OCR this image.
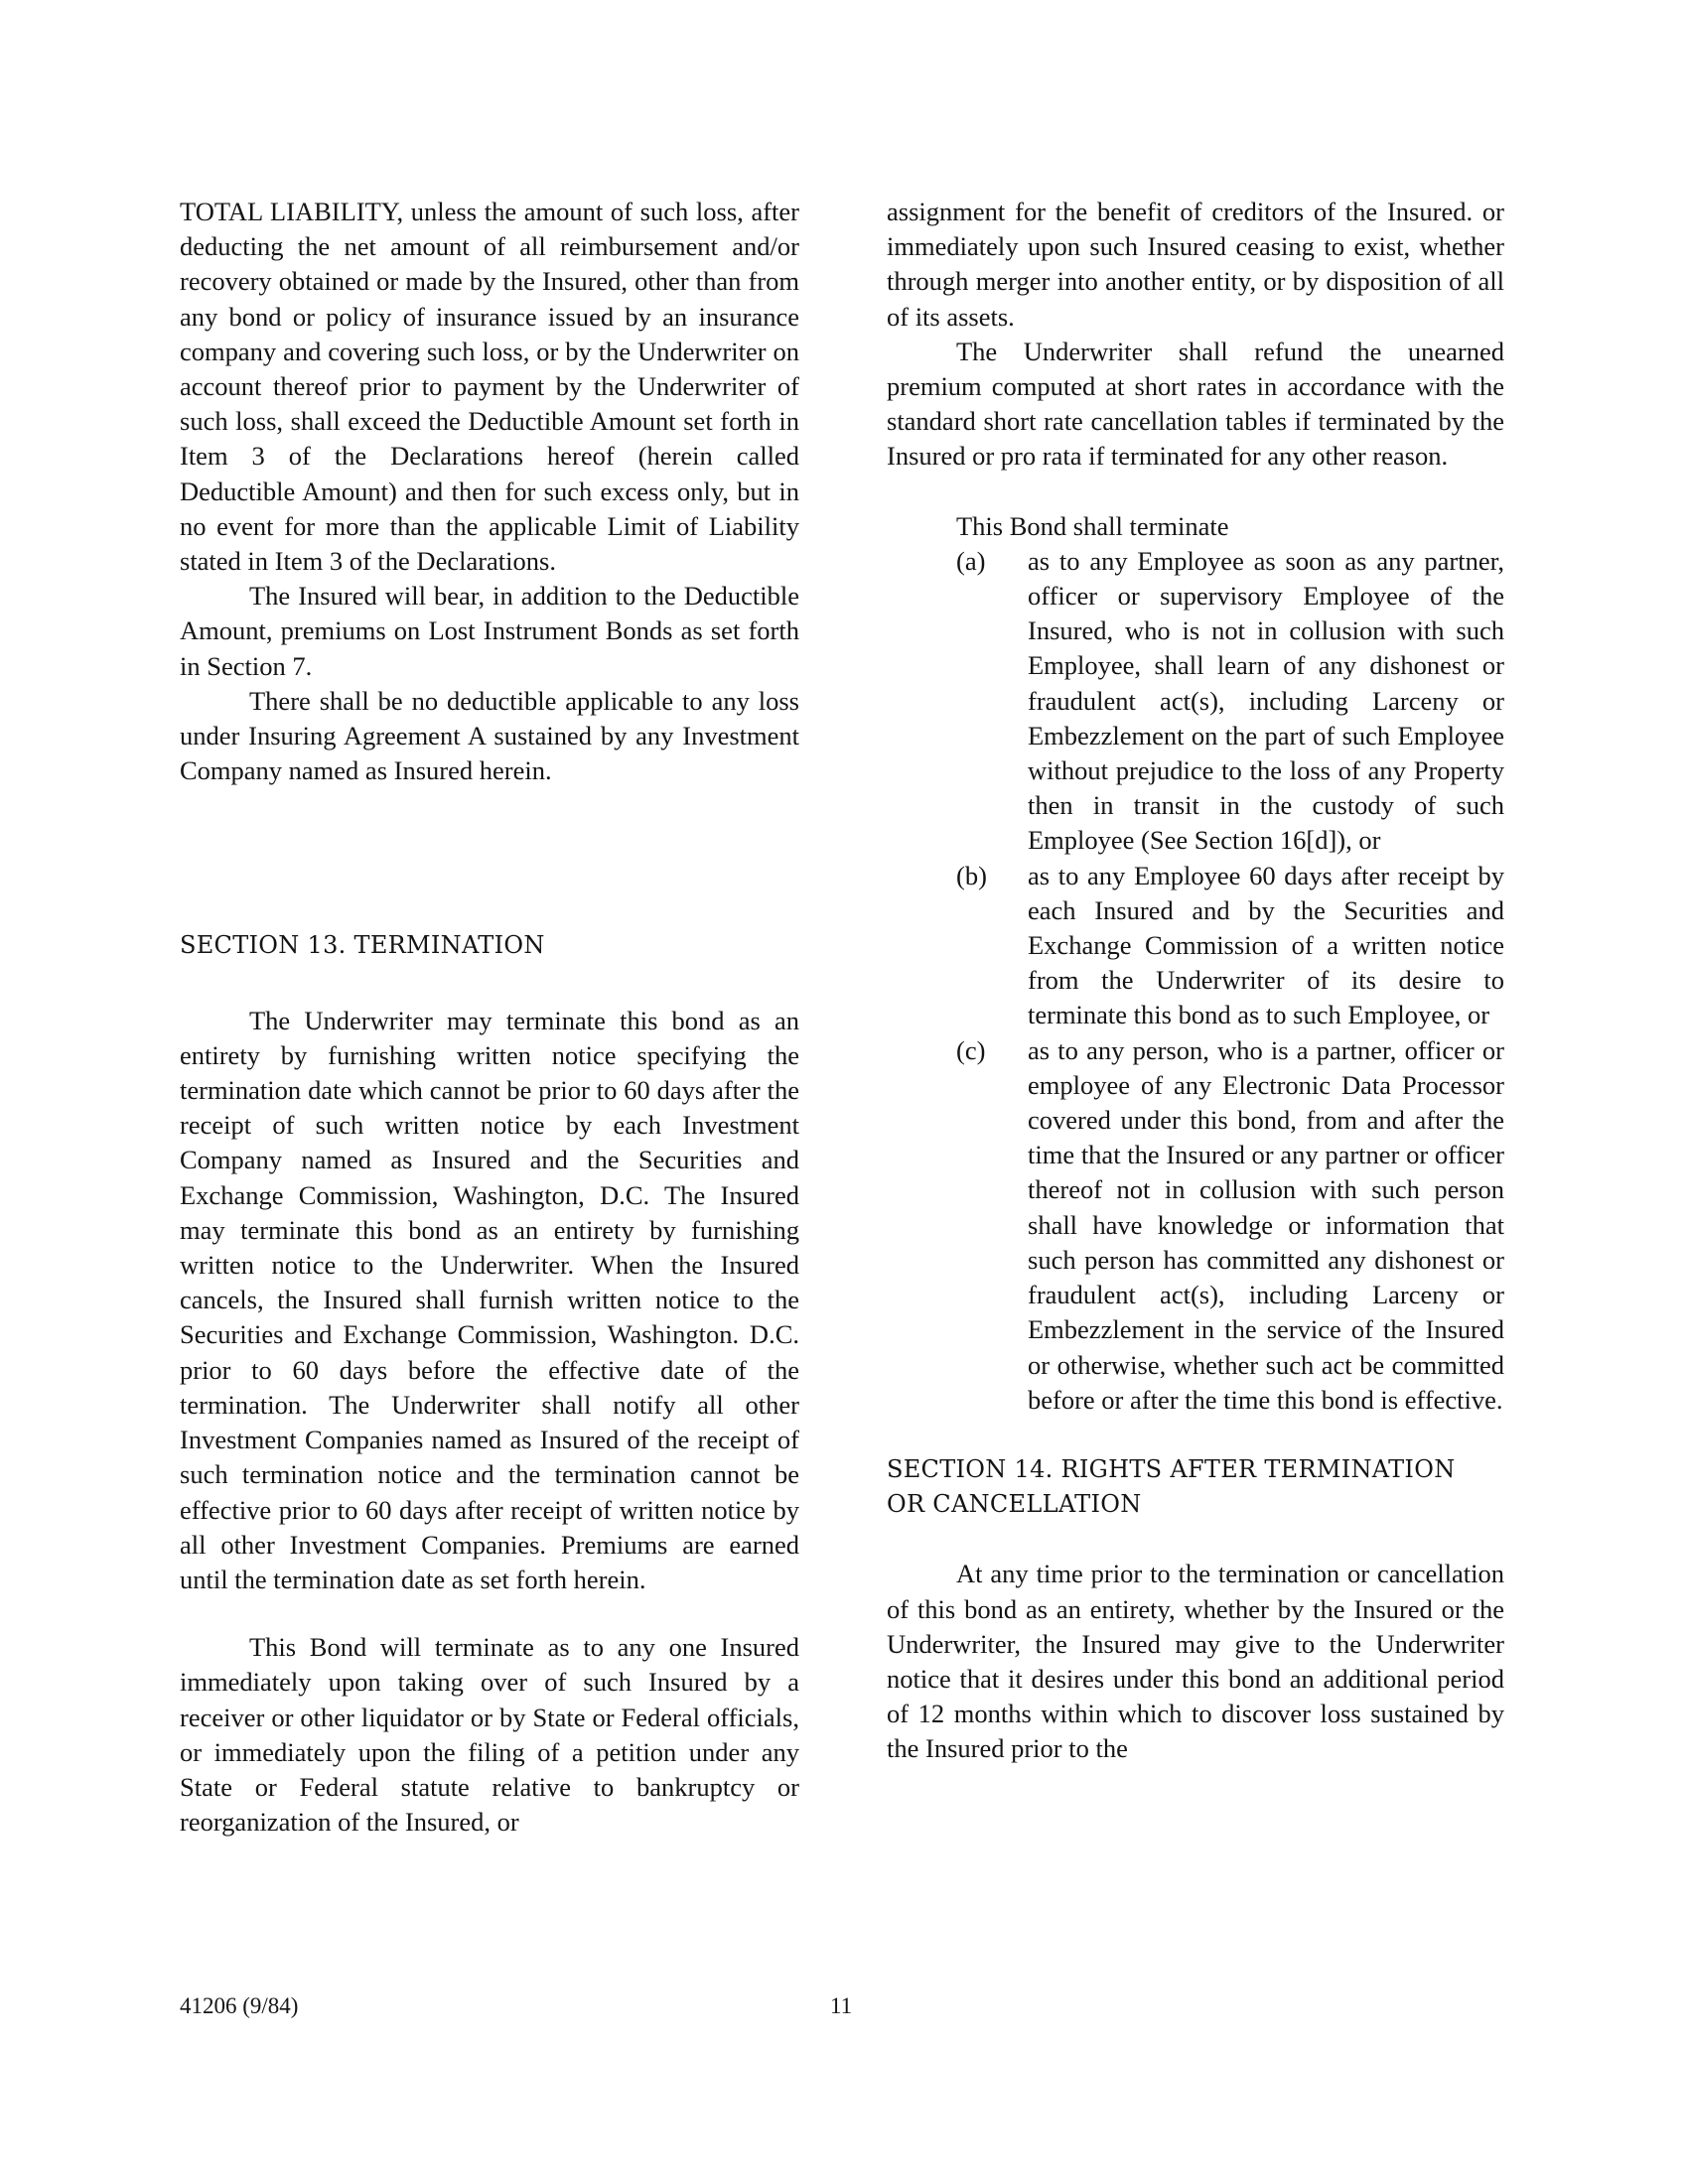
TOTAL LIABILITY, unless the amount of such loss, after deducting the net amount of all reimbursement and/or recovery obtained or made by the Insured, other than from any bond or policy of insurance issued by an insurance company and covering such loss, or by the Underwriter on account thereof prior to payment by the Underwriter of such loss, shall exceed the Deductible Amount set forth in Item 3 of the Declarations hereof (herein called Deductible Amount) and then for such excess only, but in no event for more than the applicable Limit of Liability stated in Item 3 of the Declarations.

The Insured will bear, in addition to the Deductible Amount, premiums on Lost Instrument Bonds as set forth in Section 7.

There shall be no deductible applicable to any loss under Insuring Agreement A sustained by any Investment Company named as Insured herein.

SECTION 13. TERMINATION

The Underwriter may terminate this bond as an entirety by furnishing written notice specifying the termination date which cannot be prior to 60 days after the receipt of such written notice by each Investment Company named as Insured and the Securities and Exchange Commission, Washington, D.C. The Insured may terminate this bond as an entirety by furnishing written notice to the Underwriter. When the Insured cancels, the Insured shall furnish written notice to the Securities and Exchange Commission, Washington. D.C. prior to 60 days before the effective date of the termination. The Underwriter shall notify all other Investment Companies named as Insured of the receipt of such termination notice and the termination cannot be effective prior to 60 days after receipt of written notice by all other Investment Companies. Premiums are earned until the termination date as set forth herein.

This Bond will terminate as to any one Insured immediately upon taking over of such Insured by a receiver or other liquidator or by State or Federal officials, or immediately upon the filing of a petition under any State or Federal statute relative to bankruptcy or reorganization of the Insured, or

assignment for the benefit of creditors of the Insured. or immediately upon such Insured ceasing to exist, whether through merger into another entity, or by disposition of all of its assets.

The Underwriter shall refund the unearned premium computed at short rates in accordance with the standard short rate cancellation tables if terminated by the Insured or pro rata if terminated for any other reason.

This Bond shall terminate

(a)	as to any Employee as soon as any partner, officer or supervisory Employee of the Insured, who is not in collusion with such Employee, shall learn of any dishonest or fraudulent act(s), including Larceny or Embezzlement on the part of such Employee without prejudice to the loss of any Property then in transit in the custody of such Employee (See Section 16[d]), or
(b)	as to any Employee 60 days after receipt by each Insured and by the Securities and Exchange Commission of a written notice from the Underwriter of its desire to terminate this bond as to such Employee, or
(c)	as to any person, who is a partner, officer or employee of any Electronic Data Processor covered under this bond, from and after the time that the Insured or any partner or officer thereof not in collusion with such person shall have knowledge or information that such person has committed any dishonest or fraudulent act(s), including Larceny or Embezzlement in the service of the Insured or otherwise, whether such act be committed before or after the time this bond is effective.

SECTION 14. RIGHTS AFTER TERMINATION

OR CANCELLATION

At any time prior to the termination or cancellation of this bond as an entirety, whether by the Insured or the Underwriter, the Insured may give to the Underwriter notice that it desires under this bond an additional period of 12 months within which to discover loss sustained by the Insured prior to the

41206 (9/84)	11
